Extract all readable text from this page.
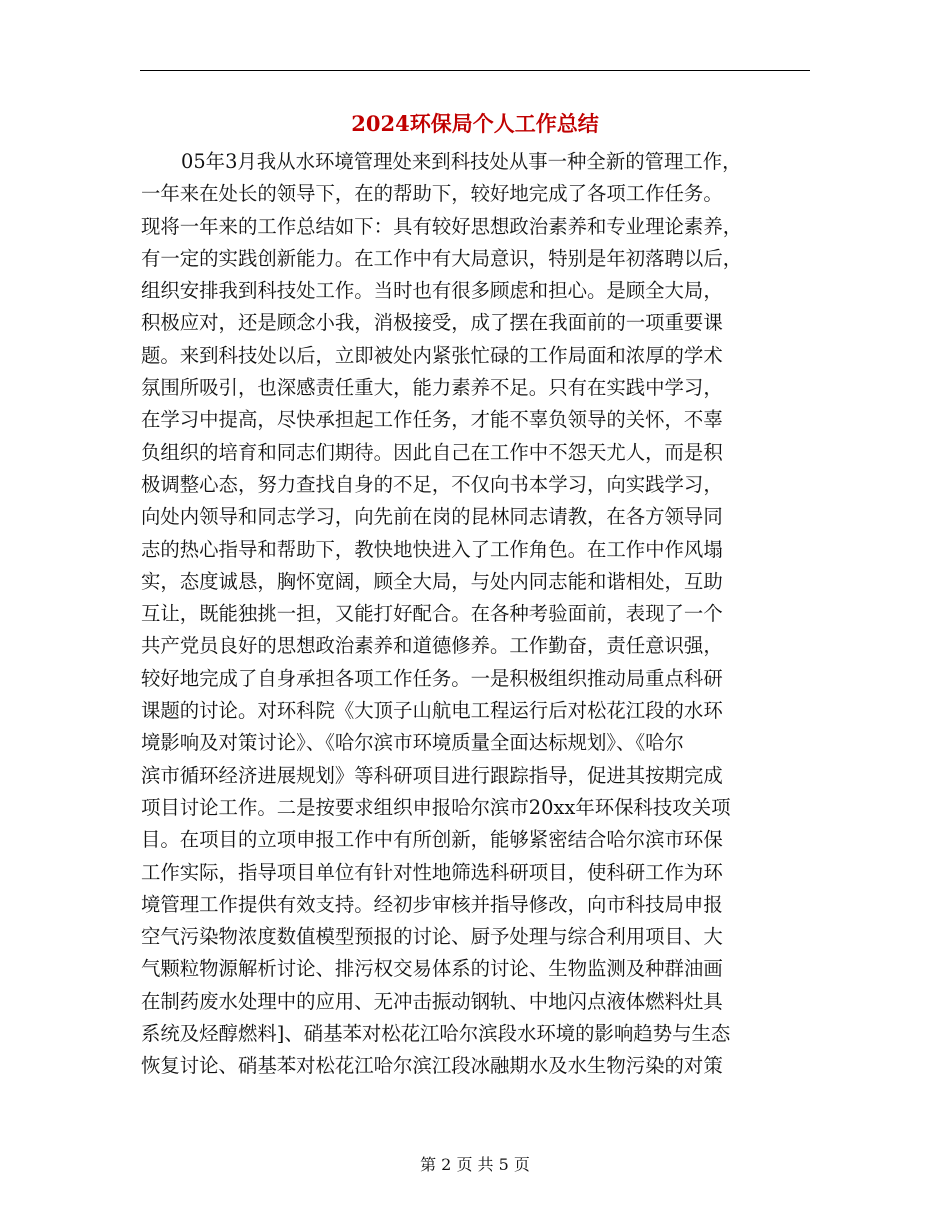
2024环保局个人工作总结
05年3月我从水环境管理处来到科技处从事一种全新的管理工作，
一年来在处长的领导下，在的帮助下，较好地完成了各项工作任务。
现将一年来的工作总结如下：具有较好思想政治素养和专业理论素养，
有一定的实践创新能力。在工作中有大局意识，特别是年初落聘以后，
组织安排我到科技处工作。当时也有很多顾虑和担心。是顾全大局，
积极应对，还是顾念小我，消极接受，成了摆在我面前的一项重要课
题。来到科技处以后，立即被处内紧张忙碌的工作局面和浓厚的学术
氛围所吸引，也深感责任重大，能力素养不足。只有在实践中学习，
在学习中提高，尽快承担起工作任务，才能不辜负领导的关怀，不辜
负组织的培育和同志们期待。因此自己在工作中不怨天尤人，而是积
极调整心态，努力查找自身的不足，不仅向书本学习，向实践学习，
向处内领导和同志学习，向先前在岗的昆林同志请教，在各方领导同
志的热心指导和帮助下，教快地快进入了工作角色。在工作中作风塌
实，态度诚恳，胸怀宽阔，顾全大局，与处内同志能和谐相处，互助
互让，既能独挑一担，又能打好配合。在各种考验面前，表现了一个
共产党员良好的思想政治素养和道德修养。工作勤奋，责任意识强，
较好地完成了自身承担各项工作任务。一是积极组织推动局重点科研
课题的讨论。对环科院《大顶子山航电工程运行后对松花江段的水环
境影响及对策讨论》、《哈尔滨市环境质量全面达标规划》、《哈尔
滨市循环经济进展规划》等科研项目进行跟踪指导，促进其按期完成
项目讨论工作。二是按要求组织申报哈尔滨市20xx年环保科技攻关项
目。在项目的立项申报工作中有所创新，能够紧密结合哈尔滨市环保
工作实际，指导项目单位有针对性地筛选科研项目，使科研工作为环
境管理工作提供有效支持。经初步审核并指导修改，向市科技局申报
空气污染物浓度数值模型预报的讨论、厨予处理与综合利用项目、大
气颗粒物源解析讨论、排污权交易体系的讨论、生物监测及种群油画
在制药废水处理中的应用、无冲击振动钢轨、中地闪点液体燃料灶具
系统及烃醇燃料]、硝基苯对松花江哈尔滨段水环境的影响趋势与生态
恢复讨论、硝基苯对松花江哈尔滨江段冰融期水及水生物污染的对策
第 2 页 共 5 页
